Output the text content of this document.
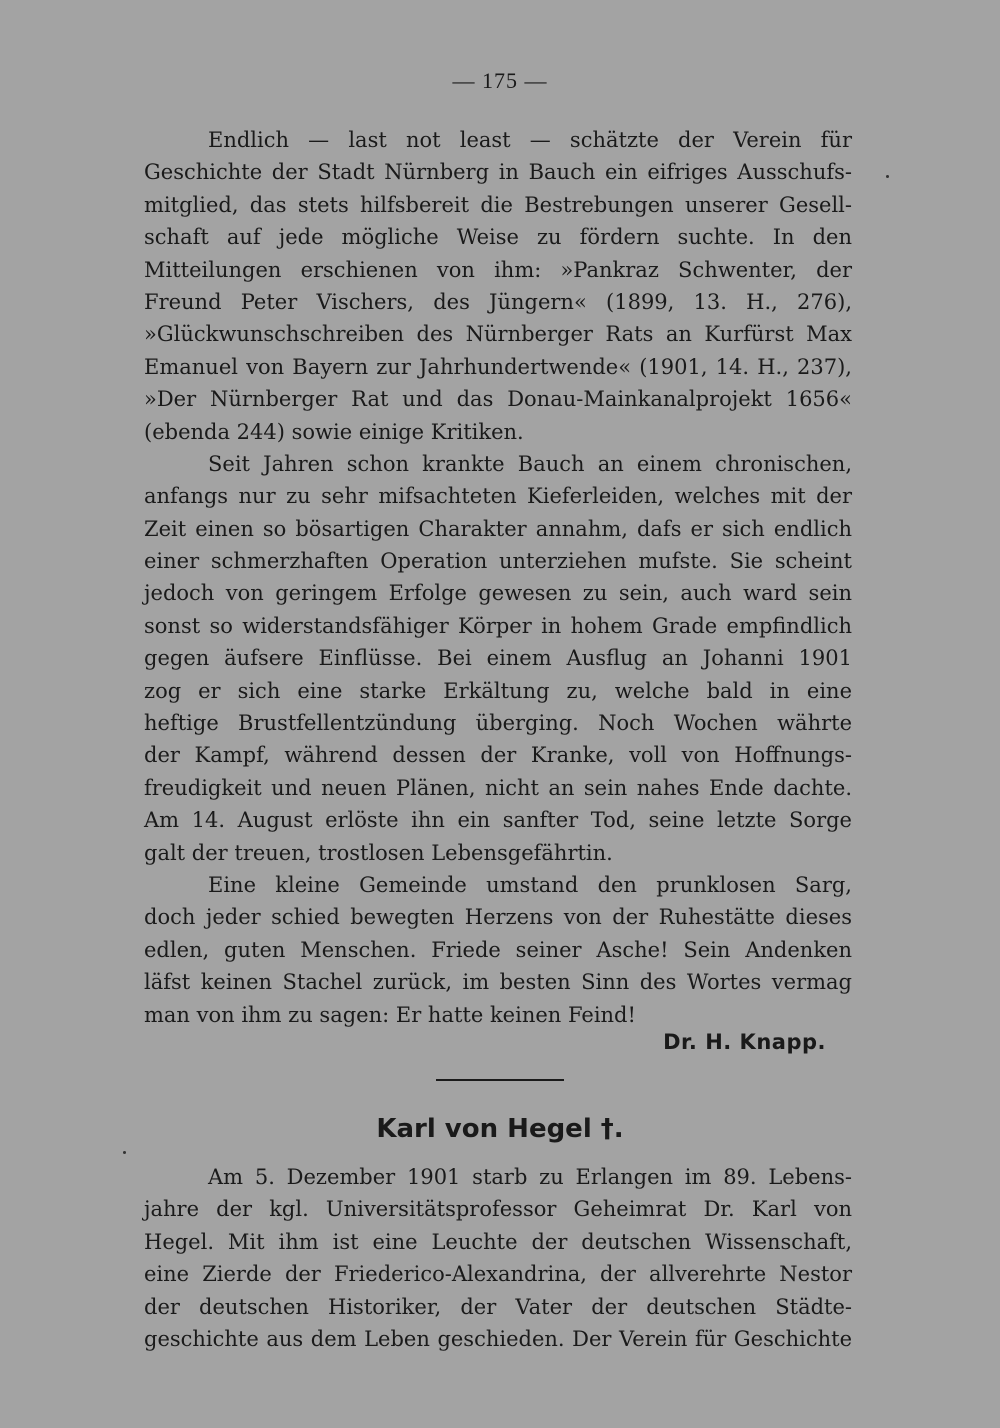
— 175 —
Endlich — last not least — schätzte der Verein für
Geschichte der Stadt Nürnberg in Bauch ein eifriges Ausschufs-
mitglied, das stets hilfsbereit die Bestrebungen unserer Gesell-
schaft auf jede mögliche Weise zu fördern suchte. In den
Mitteilungen erschienen von ihm: »Pankraz Schwenter, der
Freund Peter Vischers, des Jüngern« (1899, 13. H., 276),
»Glückwunschschreiben des Nürnberger Rats an Kurfürst Max
Emanuel von Bayern zur Jahrhundertwende« (1901, 14. H., 237),
»Der Nürnberger Rat und das Donau-Mainkanalprojekt 1656«
(ebenda 244) sowie einige Kritiken.
Seit Jahren schon krankte Bauch an einem chronischen,
anfangs nur zu sehr mifsachteten Kieferleiden, welches mit der
Zeit einen so bösartigen Charakter annahm, dafs er sich endlich
einer schmerzhaften Operation unterziehen mufste. Sie scheint
jedoch von geringem Erfolge gewesen zu sein, auch ward sein
sonst so widerstandsfähiger Körper in hohem Grade empfindlich
gegen äufsere Einflüsse. Bei einem Ausflug an Johanni 1901
zog er sich eine starke Erkältung zu, welche bald in eine
heftige Brustfellentzündung überging. Noch Wochen währte
der Kampf, während dessen der Kranke, voll von Hoffnungs-
freudigkeit und neuen Plänen, nicht an sein nahes Ende dachte.
Am 14. August erlöste ihn ein sanfter Tod, seine letzte Sorge
galt der treuen, trostlosen Lebensgefährtin.
Eine kleine Gemeinde umstand den prunklosen Sarg,
doch jeder schied bewegten Herzens von der Ruhestätte dieses
edlen, guten Menschen. Friede seiner Asche! Sein Andenken
läfst keinen Stachel zurück, im besten Sinn des Wortes vermag
man von ihm zu sagen: Er hatte keinen Feind!
Dr. H. Knapp.
Karl von Hegel †.
Am 5. Dezember 1901 starb zu Erlangen im 89. Lebens-
jahre der kgl. Universitätsprofessor Geheimrat Dr. Karl von
Hegel. Mit ihm ist eine Leuchte der deutschen Wissenschaft,
eine Zierde der Friederico-Alexandrina, der allverehrte Nestor
der deutschen Historiker, der Vater der deutschen Städte-
geschichte aus dem Leben geschieden. Der Verein für Geschichte
